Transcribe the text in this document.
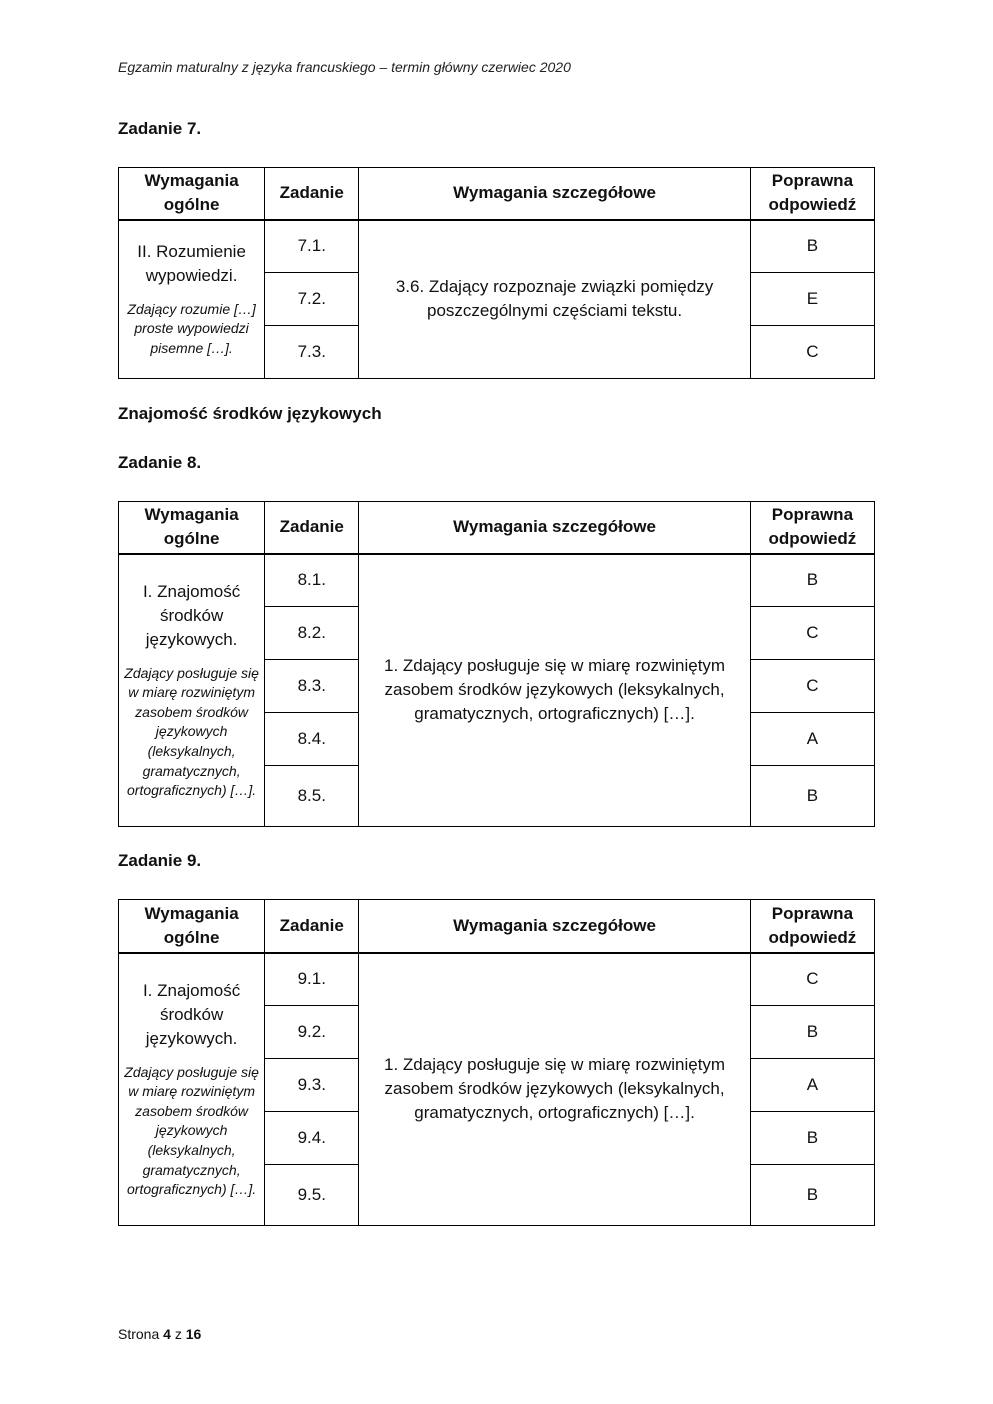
Egzamin maturalny z języka francuskiego – termin główny czerwiec 2020
Zadanie 7.
Wymagania ogólne	Zadanie	Wymagania szczegółowe	Poprawna odpowiedź

II. Rozumienie wypowiedzi.
Zdający rozumie […] proste wypowiedzi pisemne […].	7.1.	3.6. Zdający rozpoznaje związki pomiędzy poszczególnymi częściami tekstu.	B
	7.2.		E
	7.3.		C
Znajomość środków językowych
Zadanie 8.
Wymagania ogólne	Zadanie	Wymagania szczegółowe	Poprawna odpowiedź

I. Znajomość środków językowych.
Zdający posługuje się w miarę rozwiniętym zasobem środków językowych (leksykalnych, gramatycznych, ortograficznych) […].	8.1.	1. Zdający posługuje się w miarę rozwiniętym zasobem środków językowych (leksykalnych, gramatycznych, ortograficznych) […].	B
	8.2.		C
	8.3.		C
	8.4.		A
	8.5.		B
Zadanie 9.
Wymagania ogólne	Zadanie	Wymagania szczegółowe	Poprawna odpowiedź

I. Znajomość środków językowych.
Zdający posługuje się w miarę rozwiniętym zasobem środków językowych (leksykalnych, gramatycznych, ortograficznych) […].	9.1.	1. Zdający posługuje się w miarę rozwiniętym zasobem środków językowych (leksykalnych, gramatycznych, ortograficznych) […].	C
	9.2.		B
	9.3.		A
	9.4.		B
	9.5.		B
Strona 4 z 16
